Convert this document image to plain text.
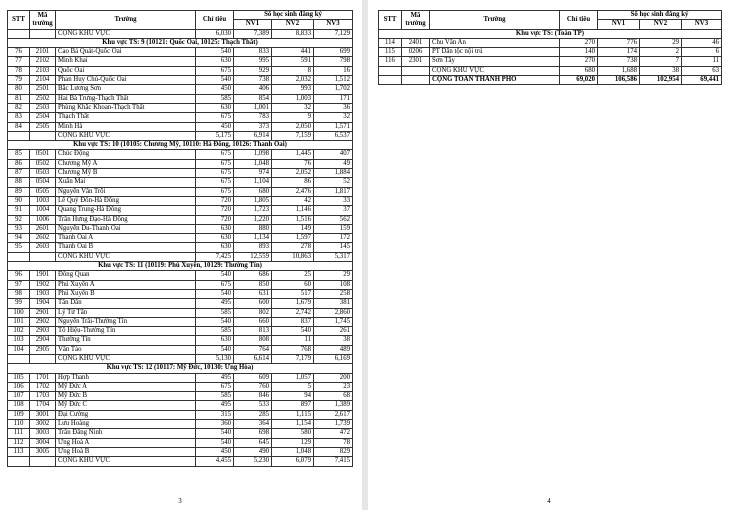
STT	Mã trường	Trường	Chỉ tiêu	Số học sinh đăng ký		
				NV1	NV2	NV3
		CỘNG KHU VỰC	6,030	7,389	8,833	7,129
Khu vực TS: 9 (10121: Quốc Oai, 10125: Thạch Thất)						
76	2101	Cao Bá Quát-Quốc Oai	540	833	441	699
77	2102	Minh Khai	630	995	591	798
78	2103	Quốc Oai	675	929	8	16
79	2104	Phan Huy Chú-Quốc Oai	540	738	2,032	1,512
80	2501	Bắc Lương Sơn	450	406	993	1,702
81	2502	Hai Bà Trưng-Thạch Thất	585	854	1,003	171
82	2503	Phùng Khắc Khoan-Thạch Thất	630	1,001	32	36
83	2504	Thạch Thất	675	783	9	32
84	2505	Minh Hà	450	373	2,050	1,571
		CỘNG KHU VỰC	5,175	6,914	7,159	6,537
Khu vực TS: 10 (10105: Chương Mỹ, 10110: Hà Đông, 10126: Thanh Oai)						
85	0501	Chúc Động	675	1,098	1,445	407
86	0502	Chương Mỹ A	675	1,048	76	49
87	0503	Chương Mỹ B	675	974	2,052	1,884
88	0504	Xuân Mai	675	1,104	86	52
89	0505	Nguyễn Văn Trỗi	675	680	2,476	1,817
90	1003	Lê Quý Đôn-Hà Đông	720	1,805	42	33
91	1004	Quang Trung-Hà Đông	720	1,723	1,146	37
92	1006	Trần Hưng Đạo-Hà Đông	720	1,220	1,516	562
93	2601	Nguyễn Du-Thanh Oai	630	880	149	159
94	2602	Thanh Oai A	630	1,134	1,597	172
95	2603	Thanh Oai B	630	893	278	145
		CỘNG KHU VỰC	7,425	12,559	10,863	5,317
Khu vực TS: 11 (10119: Phú Xuyên, 10129: Thường Tín)						
96	1901	Đồng Quan	540	686	25	29
97	1902	Phú Xuyên A	675	850	60	108
98	1903	Phú Xuyên B	540	631	517	258
99	1904	Tân Dân	495	600	1,679	381
100	2901	Lý Tử Tấn	585	802	2,742	2,860
101	2902	Nguyễn Trãi-Thường Tín	540	660	837	1,745
102	2903	Tô Hiệu-Thường Tín	585	813	540	261
103	2904	Thường Tín	630	808	11	38
104	2905	Vân Tảo	540	764	768	489
		CỘNG KHU VỰC	5,130	6,614	7,179	6,169
Khu vực TS: 12 (10117: Mỹ Đức, 10130: Ứng Hòa)						
105	1701	Hợp Thanh	495	609	1,057	200
106	1702	Mỹ Đức A	675	760	5	23
107	1703	Mỹ Đức B	585	846	94	68
108	1704	Mỹ Đức C	495	533	897	1,389
109	3001	Đại Cường	315	285	1,115	2,617
110	3002	Lưu Hoàng	360	364	1,154	1,739
111	3003	Trần Đăng Ninh	540	698	580	472
112	3004	Ứng Hoà A	540	645	129	78
113	3005	Ứng Hoà B	450	490	1,048	829
		CỘNG KHU VỰC	4,455	5,230	6,079	7,415
3
STT	Mã trường	Trường	Chỉ tiêu	Số học sinh đăng ký		
				NV1	NV2	NV3
Khu vực TS: (Toàn TP)						
114	2401	Chu Văn An	270	776	29	46
115	0206	PT Dân tộc nội trú	140	174	2	6
116	2301	Sơn Tây	270	738	7	11
		CỘNG KHU VỰC	680	1,688	38	63
		CỘNG TOÀN THÀNH PHỐ	69,020	106,586	102,954	69,441
4
